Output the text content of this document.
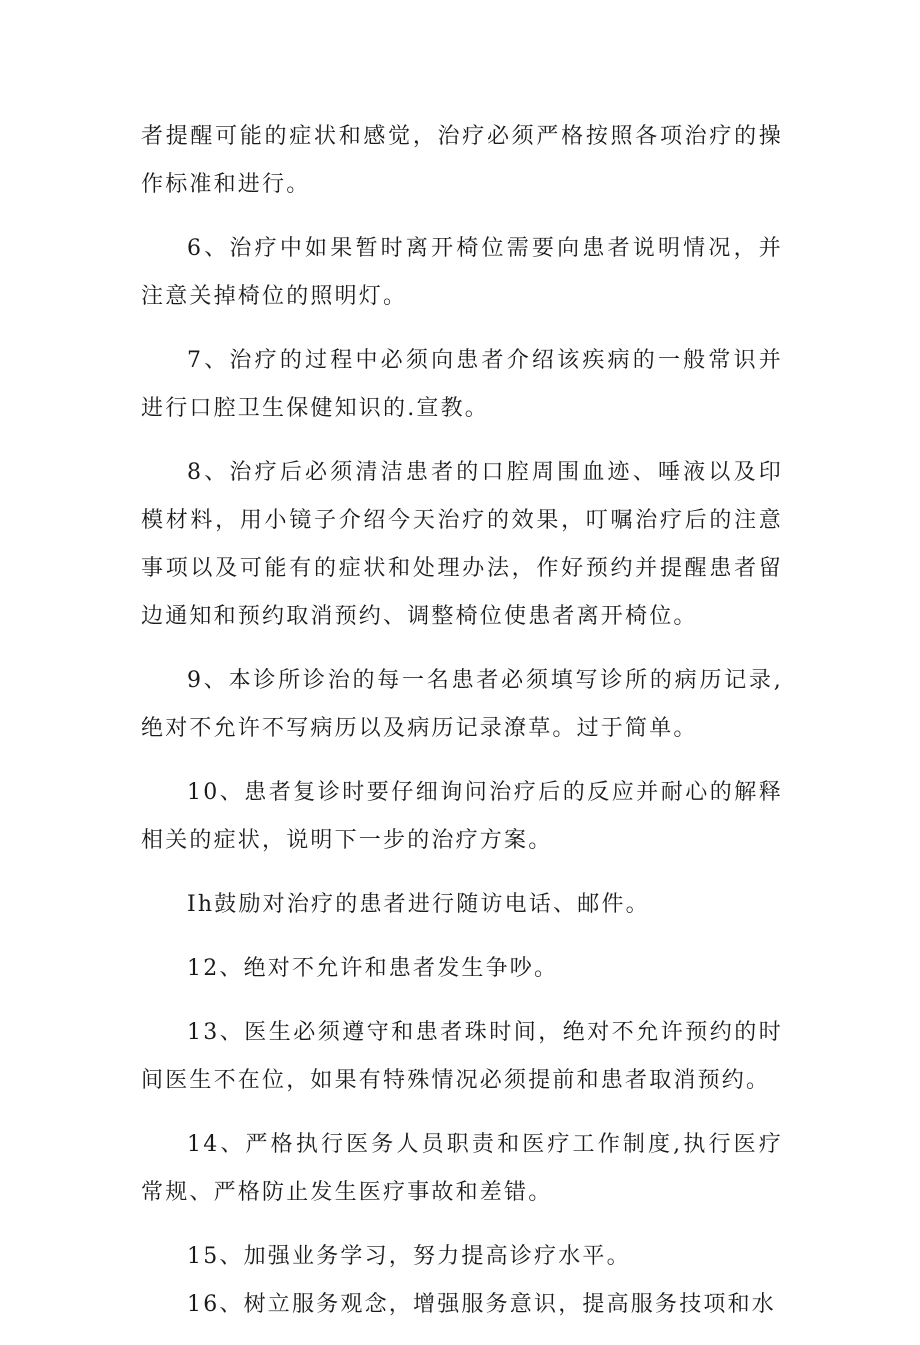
者提醒可能的症状和感觉，治疗必须严格按照各项治疗的操作标准和进行。

6、治疗中如果暂时离开椅位需要向患者说明情况，并注意关掉椅位的照明灯。

7、治疗的过程中必须向患者介绍该疾病的一般常识并进行口腔卫生保健知识的.宣教。

8、治疗后必须清洁患者的口腔周围血迹、唾液以及印模材料，用小镜子介绍今天治疗的效果，叮嘱治疗后的注意事项以及可能有的症状和处理办法，作好预约并提醒患者留边通知和预约取消预约、调整椅位使患者离开椅位。

9、本诊所诊治的每一名患者必须填写诊所的病历记录,绝对不允许不写病历以及病历记录潦草。过于简单。

10、患者复诊时要仔细询问治疗后的反应并耐心的解释相关的症状，说明下一步的治疗方案。

Ih鼓励对治疗的患者进行随访电话、邮件。

12、绝对不允许和患者发生争吵。

13、医生必须遵守和患者珠时间，绝对不允许预约的时间医生不在位，如果有特殊情况必须提前和患者取消预约。

14、严格执行医务人员职责和医疗工作制度,执行医疗常规、严格防止发生医疗事故和差错。

15、加强业务学习，努力提高诊疗水平。

16、树立服务观念，增强服务意识，提高服务技项和水
